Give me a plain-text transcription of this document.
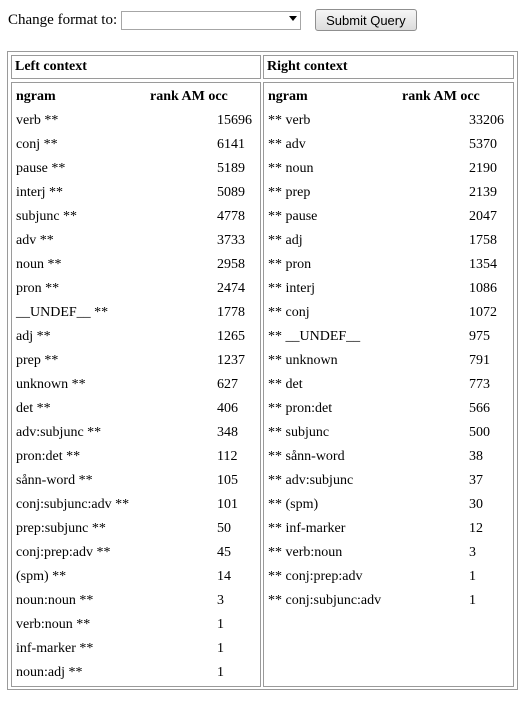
Change format to:	Submit Query
Left context	Right context
ngram	rank AM occ
verb **	15696
conj **	6141
pause **	5189
interj **	5089
subjunc **	4778
adv **	3733
noun **	2958
pron **	2474
__UNDEF__ **	1778
adj **	1265
prep **	1237
unknown **	627
det **	406
adv:subjunc **	348
pron:det **	112
sånn-word **	105
conj:subjunc:adv **	101
prep:subjunc **	50
conj:prep:adv **	45
(spm) **	14
noun:noun **	3
verb:noun **	1
inf-marker **	1
noun:adj **	1
ngram	rank AM occ
** verb	33206
** adv	5370
** noun	2190
** prep	2139
** pause	2047
** adj	1758
** pron	1354
** interj	1086
** conj	1072
** __UNDEF__	975
** unknown	791
** det	773
** pron:det	566
** subjunc	500
** sånn-word	38
** adv:subjunc	37
** (spm)	30
** inf-marker	12
** verb:noun	3
** conj:prep:adv	1
** conj:subjunc:adv	1
